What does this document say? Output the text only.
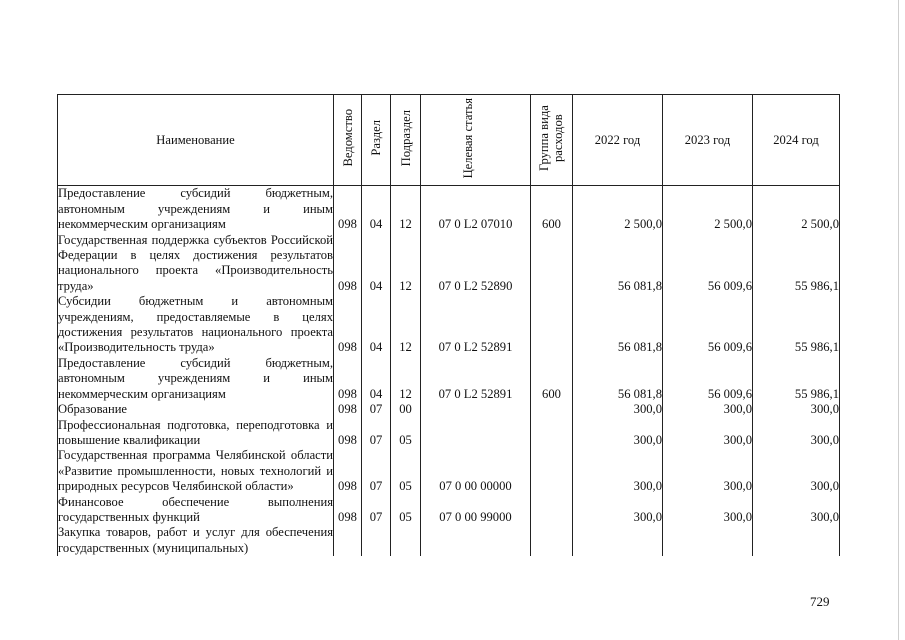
Наименование	Ведомство	Раздел	Подраздел	Целевая статья	Группа вида расходов	2022 год	2023 год	2024 год
Предоставление субсидий бюджетным, автономным учреждениям и иным некоммерческим организациям	098	04	12	07 0 L2 07010	600	2 500,0	2 500,0	2 500,0
Государственная поддержка субъектов Российской Федерации в целях достижения результатов национального проекта «Производительность труда»	098	04	12	07 0 L2 52890		56 081,8	56 009,6	55 986,1
Субсидии бюджетным и автономным учреждениям, предоставляемые в целях достижения результатов национального проекта «Производительность труда»	098	04	12	07 0 L2 52891		56 081,8	56 009,6	55 986,1
Предоставление субсидий бюджетным, автономным учреждениям и иным некоммерческим организациям	098	04	12	07 0 L2 52891	600	56 081,8	56 009,6	55 986,1
Образование	098	07	00			300,0	300,0	300,0
Профессиональная подготовка, переподготовка и повышение квалификации	098	07	05			300,0	300,0	300,0
Государственная программа Челябинской области «Развитие промышленности, новых технологий и природных ресурсов Челябинской области»	098	07	05	07 0 00 00000		300,0	300,0	300,0
Финансовое обеспечение выполнения государственных функций	098	07	05	07 0 00 99000		300,0	300,0	300,0
Закупка товаров, работ и услуг для обеспечения государственных (муниципальных)								
729
